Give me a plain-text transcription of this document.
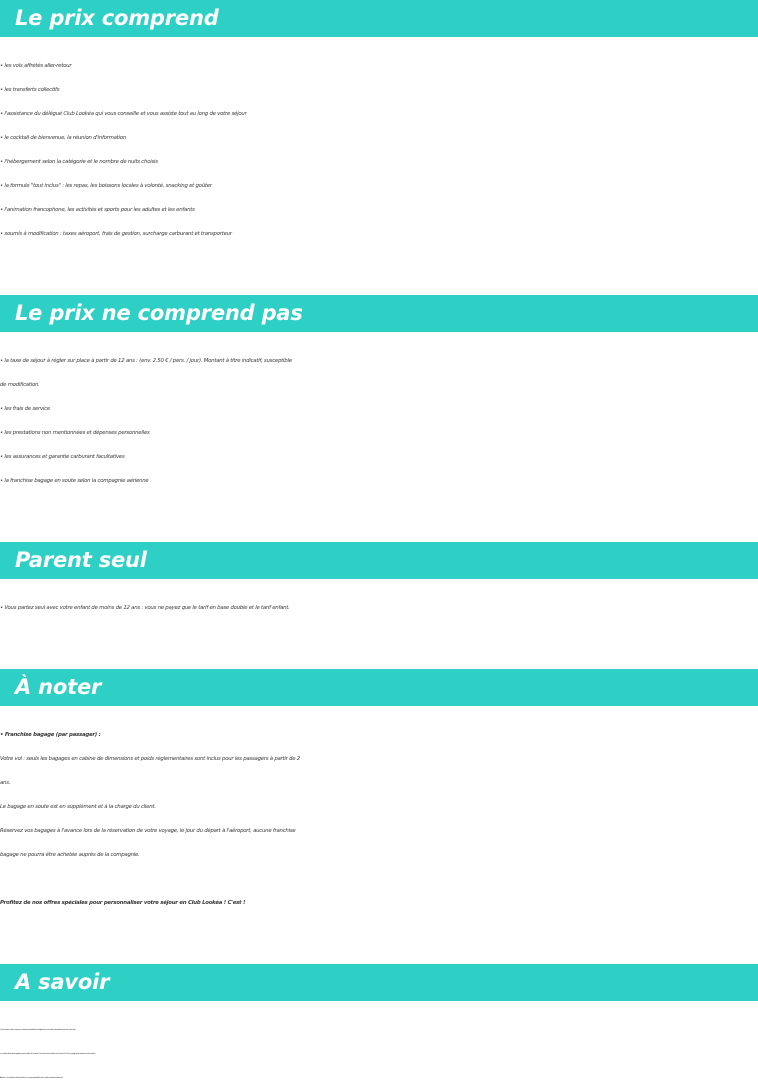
Le prix comprend
• les vols affrétés aller-retour
• les transferts collectifs
• l'assistance du délégué Club Lookéa qui vous conseille et vous assiste tout au long de votre séjour
• le cocktail de bienvenue, la réunion d'information
• l'hébergement selon la catégorie et le nombre de nuits choisis
• la formule "tout inclus" : les repas, les boissons locales à volonté, snacking et goûter
• l'animation francophone, les activités et sports pour les adultes et les enfants
• soumis à modification : taxes aéroport, frais de gestion, surcharge carburant et transporteur
Le prix ne comprend pas
• la taxe de séjour à régler sur place à partir de 12 ans : (env. 2.50 € / pers. / jour). Montant à titre indicatif, susceptible
de modification.
• les frais de service
• les prestations non mentionnées et dépenses personnelles
• les assurances et garantie carburant facultatives
• la franchise bagage en soute selon la compagnie aérienne
Parent seul
• Vous partez seul avec votre enfant de moins de 12 ans : vous ne payez que le tarif en base double et le tarif enfant.
À noter
• Franchise bagage (par passager) :
Votre vol : seuls les bagages en cabine de dimensions et poids règlementaires sont inclus pour les passagers à partir de 2
ans.
Le bagage en soute est en supplément et à la charge du client.
Réservez vos bagages à l'avance lors de la réservation de votre voyage, le jour du départ à l'aéroport, aucune franchise
bagage ne pourra être achetée auprès de la compagnie.
Profitez de nos offres spéciales pour personnaliser votre séjour en Club Lookéa ! C'est !
A savoir
- Si vous partez seul(e), votre prix en chambre individuelle sera obligatoire et sera calculé automatiquement dans votre devis.
- Les tarifs enfants seront appliqués pour les bébés de moins de 2 ans et/ou pour les enfants de 2 à moins de 12 ans, partageant la chambre de deux adultes.
Attention : les réductions enfants et bébés ne sont pas applicables dans le cadre de tarifs promotionnels.
